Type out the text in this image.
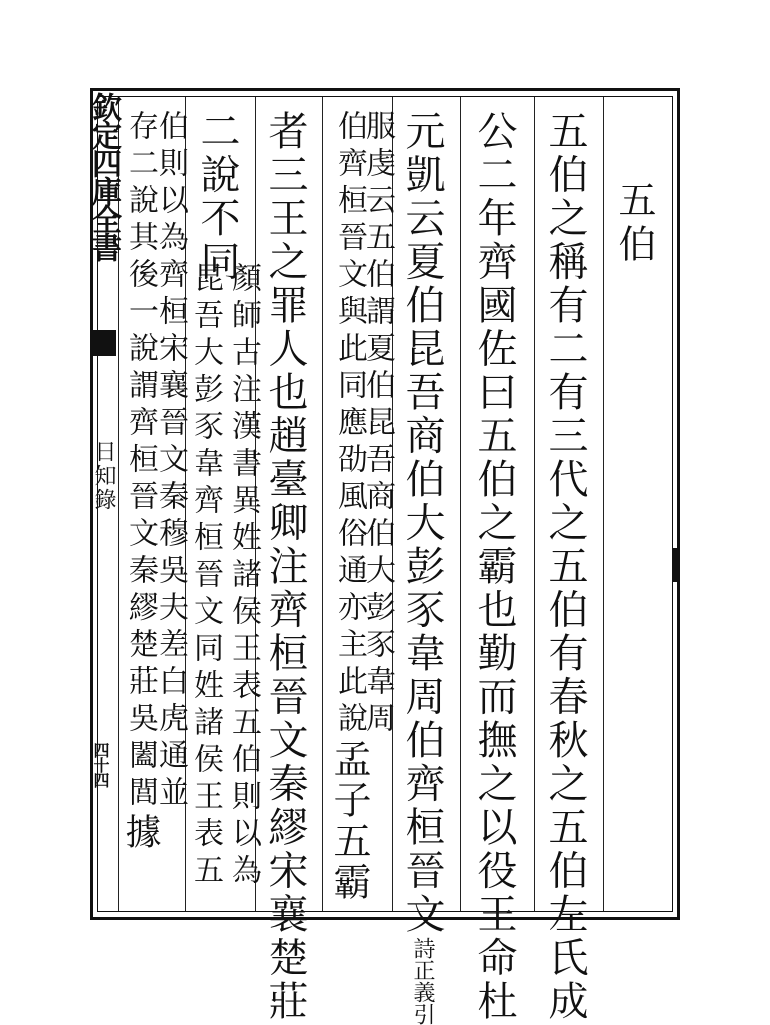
欽定四庫全書
日知錄
四十四
五伯
五伯之稱有二有三代之五伯有春秋之五伯左氏成
公二年齊國佐曰五伯之霸也勤而撫之以役王命杜
元凱云夏伯昆吾商伯大彭豕韋周伯齊桓晉文詩正義引
服虔云五伯謂夏伯昆吾商伯大彭豕韋周
伯齊桓晉文與此同應劭風俗通亦主此說孟子五霸
者三王之罪人也趙臺卿注齊桓晉文秦繆宋襄楚莊
二說不同
顏師古注漢書異姓諸侯王表五伯則以為
昆吾大彭豕韋齊桓晉文同姓諸侯王表五
伯則以為齊桓宋襄晉文秦穆吳夫差白虎通並
存二說其後一說謂齊桓晉文秦繆楚莊吳闔閭據
